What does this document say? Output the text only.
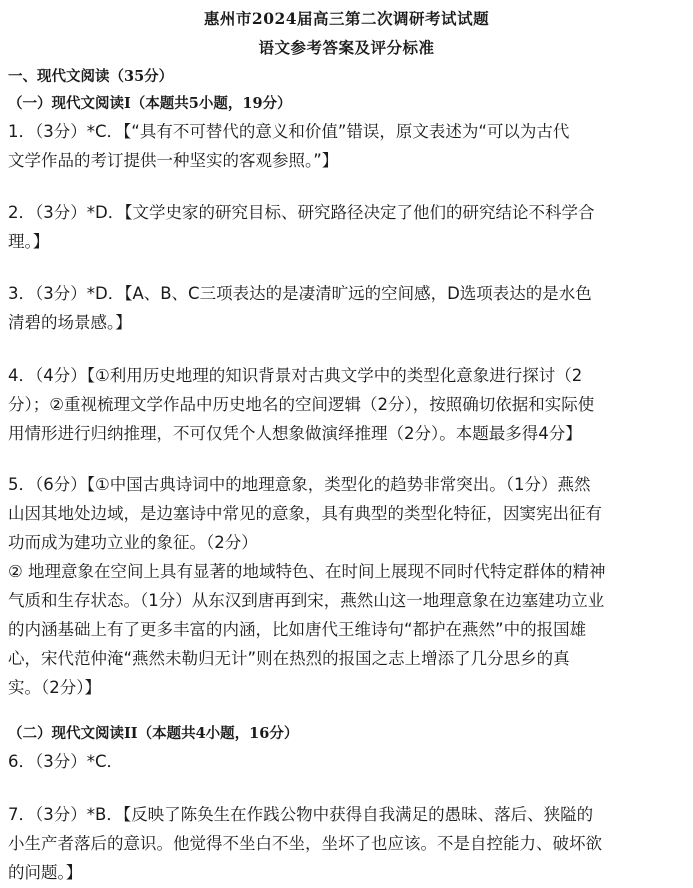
惠州市2024届高三第二次调研考试试题
语文参考答案及评分标准
一、现代文阅读（35分）
（一）现代文阅读I（本题共5小题，19分）
1．（3分）*C．【“具有不可替代的意义和价值”错误，原文表述为“可以为古代
文学作品的考订提供一种坚实的客观参照。”】
2．（3分）*D．【文学史家的研究目标、研究路径决定了他们的研究结论不科学合
理。】
3．（3分）*D．【A、B、C三项表达的是凄清旷远的空间感，D选项表达的是水色
清碧的场景感。】
4．（4分）【①利用历史地理的知识背景对古典文学中的类型化意象进行探讨（2
分）；②重视梳理文学作品中历史地名的空间逻辑（2分），按照确切依据和实际使
用情形进行归纳推理，不可仅凭个人想象做演绎推理（2分）。本题最多得4分】
5．（6分）【①中国古典诗词中的地理意象，类型化的趋势非常突出。（1分）燕然
山因其地处边域，是边塞诗中常见的意象，具有典型的类型化特征，因窦宪出征有
功而成为建功立业的象征。（2分）
② 地理意象在空间上具有显著的地域特色、在时间上展现不同时代特定群体的精神
气质和生存状态。（1分）从东汉到唐再到宋，燕然山这一地理意象在边塞建功立业
的内涵基础上有了更多丰富的内涵，比如唐代王维诗句“都护在燕然”中的报国雄
心，宋代范仲淹“燕然未勒归无计”则在热烈的报国之志上增添了几分思乡的真
实。（2分）】
（二）现代文阅读II（本题共4小题，16分）
6．（3分）*C．
7．（3分）*B．【反映了陈奂生在作践公物中获得自我满足的愚昧、落后、狭隘的
小生产者落后的意识。他觉得不坐白不坐，坐坏了也应该。不是自控能力、破坏欲
的问题。】
